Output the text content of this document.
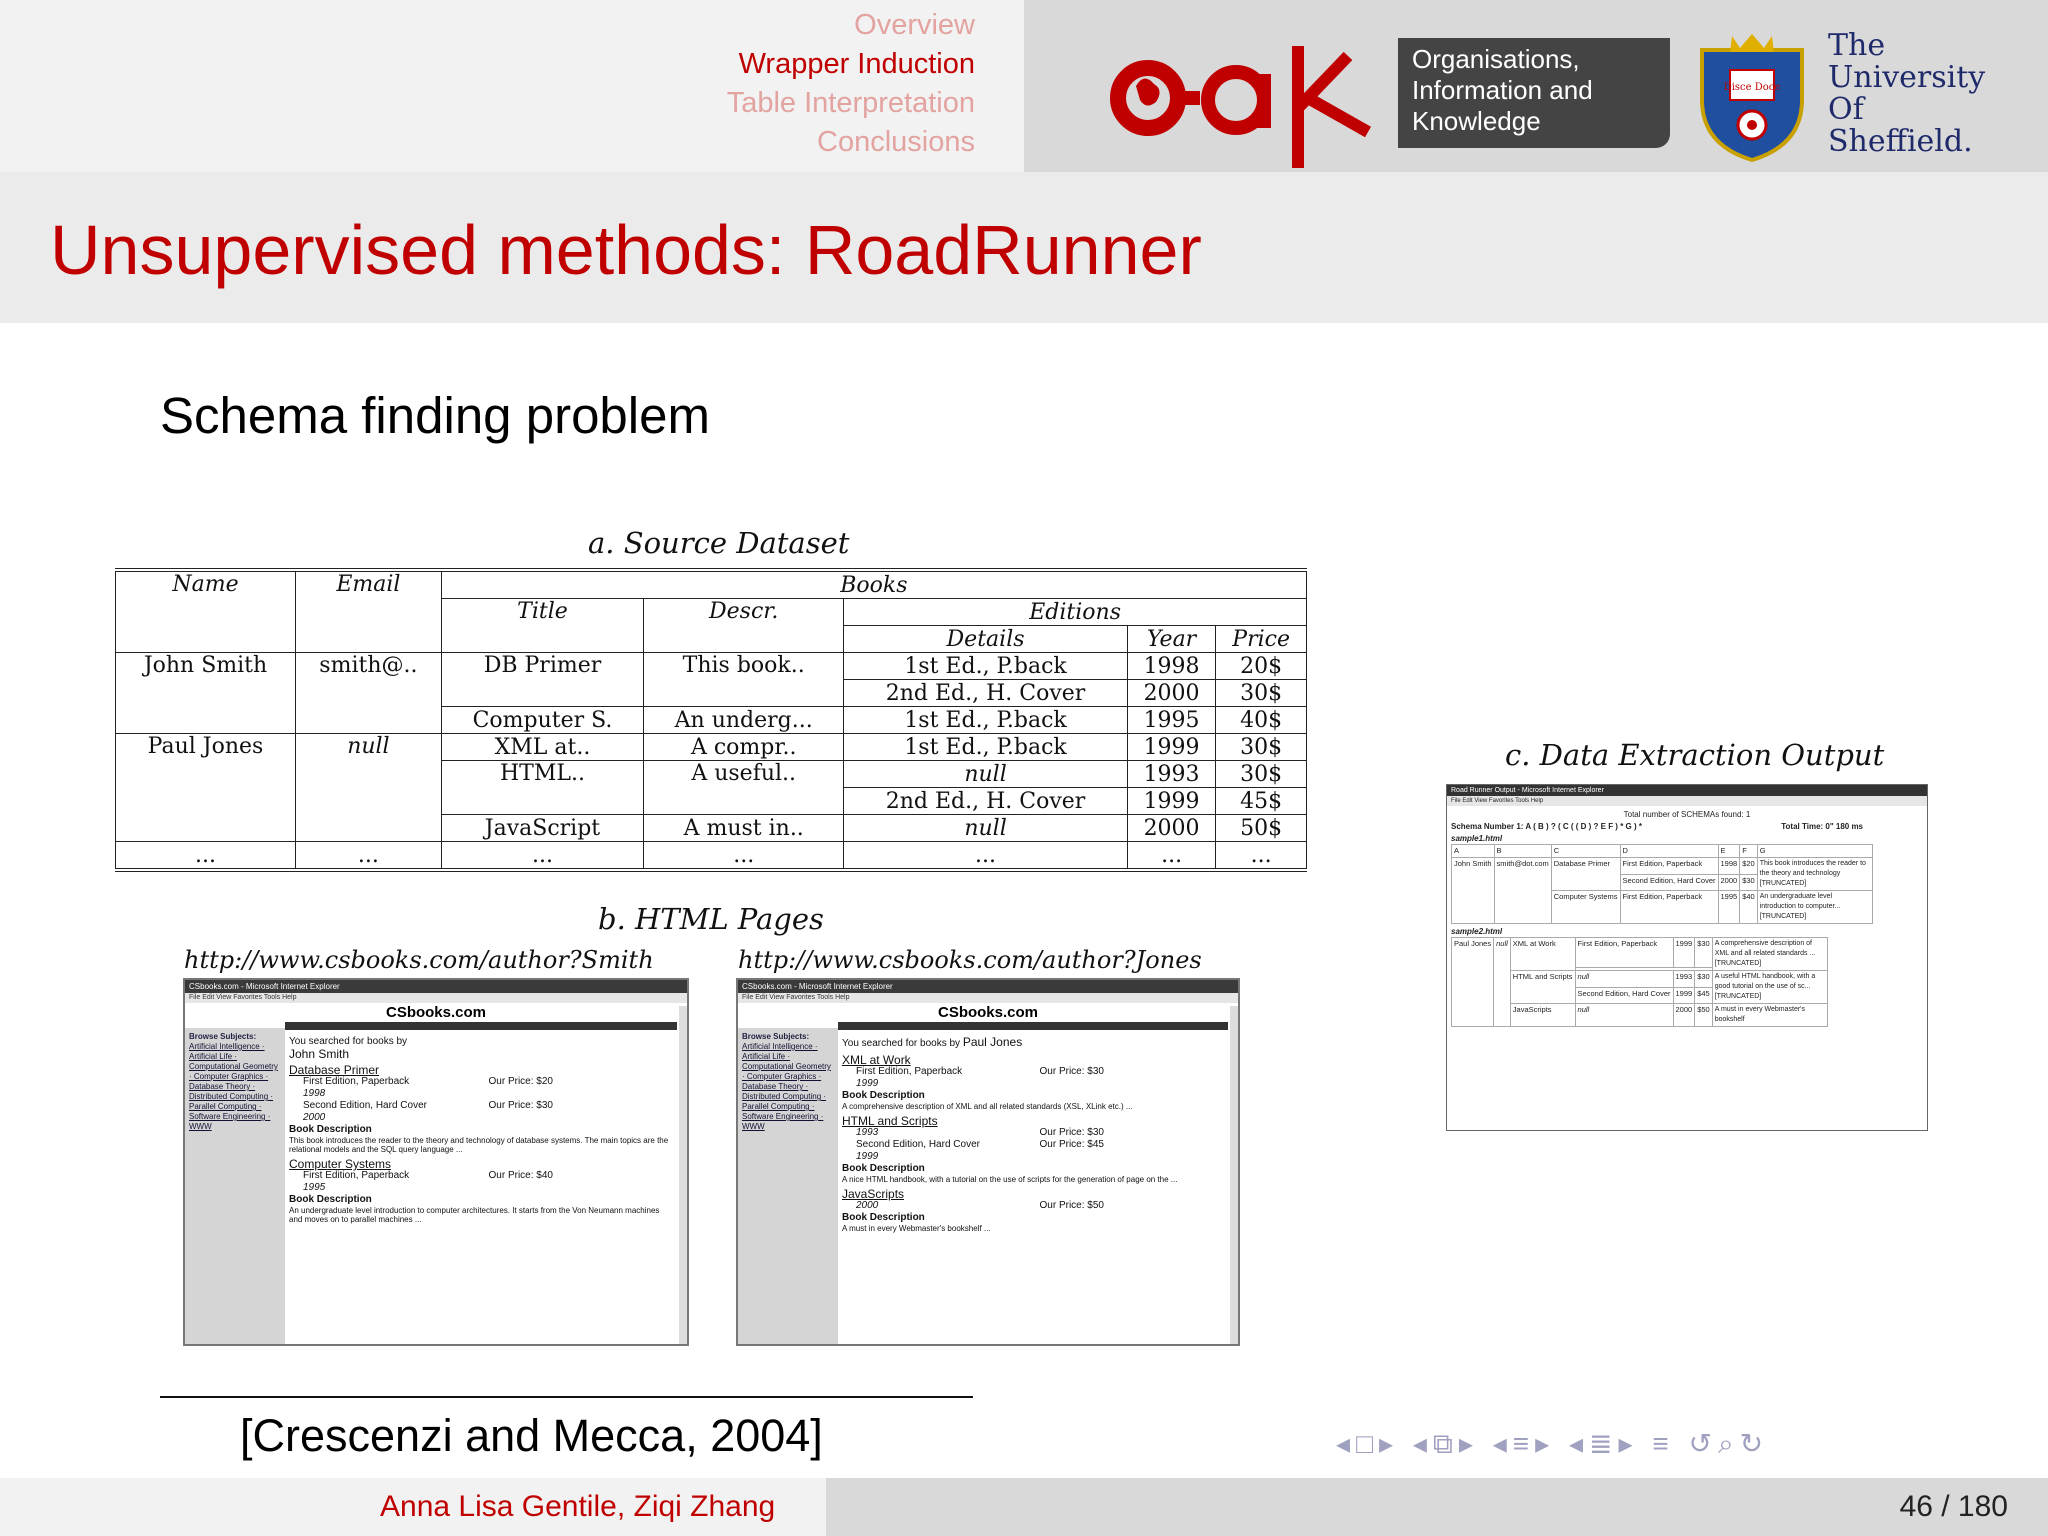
Overview
Wrapper Induction
Table Interpretation
Conclusions
Organisations,
Information and
Knowledge
Disce Doce
The
University
Of
Sheffield.
Unsupervised methods: RoadRunner
Schema finding problem
a. Source Dataset
Name	Email	Books				
		Title	Descr.	Editions		
				Details	Year	Price
John Smith	smith@..	DB Primer	This book..	1st Ed., P.back	1998	20$
				2nd Ed., H. Cover	2000	30$
		Computer S.	An underg...	1st Ed., P.back	1995	40$
Paul Jones	null	XML at..	A compr..	1st Ed., P.back	1999	30$
		HTML..	A useful..	null	1993	30$
				2nd Ed., H. Cover	1999	45$
		JavaScript	A must in..	null	2000	50$
...	...	...	...	...	...	...
b. HTML Pages
http://www.csbooks.com/author?Smith	http://www.csbooks.com/author?Jones
CSbooks.com - Microsoft Internet Explorer
File Edit View Favorites Tools Help
CSbooks.com
Browse Subjects:
Artificial Intelligence · Artificial Life · Computational Geometry · Computer Graphics · Database Theory · Distributed Computing · Parallel Computing · Software Engineering · WWW
You searched for books by
John Smith
Database Primer
First Edition, Paperback	Our Price: $20
1998
Second Edition, Hard Cover	Our Price: $30
2000
Book Description
This book introduces the reader to the theory and technology of database systems. The main topics are the relational models and the SQL query language ...
Computer Systems
First Edition, Paperback	Our Price: $40
1995
Book Description
An undergraduate level introduction to computer architectures. It starts from the Von Neumann machines and moves on to parallel machines ...
CSbooks.com - Microsoft Internet Explorer
File Edit View Favorites Tools Help
CSbooks.com
Browse Subjects:
Artificial Intelligence · Artificial Life · Computational Geometry · Computer Graphics · Database Theory · Distributed Computing · Parallel Computing · Software Engineering · WWW
You searched for books by Paul Jones
XML at Work
First Edition, Paperback	Our Price: $30
1999
Book Description
A comprehensive description of XML and all related standards (XSL, XLink etc.) ...
HTML and Scripts
1993	Our Price: $30
Second Edition, Hard Cover	Our Price: $45
1999
Book Description
A nice HTML handbook, with a tutorial on the use of scripts for the generation of page on the ...
JavaScripts
2000	Our Price: $50
Book Description
A must in every Webmaster's bookshelf ...
c. Data Extraction Output
Road Runner Output - Microsoft Internet Explorer
File Edit View Favorites Tools Help
Total number of SCHEMAs found: 1
Schema Number 1: A ( B ) ? ( C ( ( D ) ? E F ) * G ) *	Total Time: 0" 180 ms
sample1.html
A	B	C	D	E	F	G
John Smith	smith@dot.com	Database Primer	First Edition, Paperback	1998	$20	This book introduces the reader to the theory and technology [TRUNCATED]
			Second Edition, Hard Cover	2000	$30	
		Computer Systems	First Edition, Paperback	1995	$40	An undergraduate level introduction to computer... [TRUNCATED]
sample2.html
Paul Jones	null	XML at Work	First Edition, Paperback	1999	$30	A comprehensive description of XML and all related standards ... [TRUNCATED]

		HTML and Scripts	null	1993	$30	A useful HTML handbook, with a good tutorial on the use of sc... [TRUNCATED]
			Second Edition, Hard Cover	1999	$45	
		JavaScripts	null	2000	$50	A must in every Webmaster's bookshelf
[Crescenzi and Mecca, 2004]	◂□▸ ◂⧉▸ ◂≡▸ ◂≣▸ ≡ ↺⌕↻
Anna Lisa Gentile, Ziqi Zhang	46 / 180
